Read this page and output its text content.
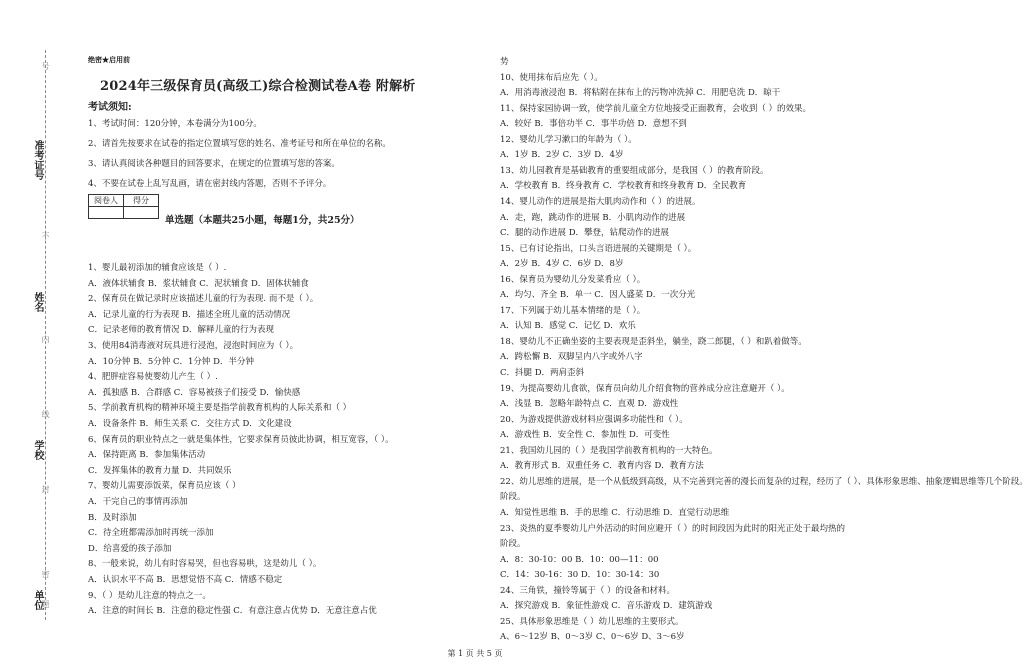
准考证号
姓名
学校
单位
号
不
内
线
封
密
题
绝密★启用前
2024年三级保育员(高级工)综合检测试卷A卷 附解析
考试须知:
1、考试时间：120分钟，本卷满分为100分。
2、请首先按要求在试卷的指定位置填写您的姓名、准考证号和所在单位的名称。
3、请认真阅读各种题目的回答要求，在规定的位置填写您的答案。
4、不要在试卷上乱写乱画，请在密封线内答题，否则不予评分。
阅卷人	得分

单选题（本题共25小题，每题1分，共25分）
1、婴儿最初添加的辅食应该是（ ）.
A．液体状辅食 B．浆状辅食 C．泥状辅食 D．固体状辅食
2、保育员在做记录时应该描述儿童的行为表现. 而不是（ ）。
A．记录儿童的行为表现 B．描述全班儿童的活动情况
C．记录老师的教育情况 D．解释儿童的行为表现
3、使用84消毒液对玩具进行浸泡，浸泡时间应为（ ）。
A．10分钟 B．5分钟 C．1分钟 D．半分钟
4、肥胖症容易使婴幼儿产生（ ）.
A．孤独感 B．合群感 C．容易被孩子们接受 D．愉快感
5、学前教育机构的精神环境主要是指学前教育机构的人际关系和（ ）
A．设备条件 B．师生关系 C．交往方式 D．文化建设
6、保育员的职业特点之一就是集体性，它要求保育员彼此协调，相互宽容，（ ）。
A．保持距离 B．参加集体活动
C．发挥集体的教育力量 D．共同娱乐
7、婴幼儿需要添饭菜，保育员应该（ ）
A．干完自己的事情再添加
B．及时添加
C．待全班都需添加时再统一添加
D．给喜爱的孩子添加
8、一般来说，幼儿有时容易哭，但也容易哄，这是幼儿（ ）。
A．认识水平不高 B．思想觉悟不高 C．情感不稳定
9、（ ）是幼儿注意的特点之一。
A．注意的时间长 B．注意的稳定性强 C．有意注意占优势 D．无意注意占优
势
10、使用抹布后应先（ ）。
A．用消毒液浸泡 B．将粘附在抹布上的污物冲洗掉 C．用肥皂洗 D．晾干
11、保持家园协调一致，使学前儿童全方位地接受正面教育，会收到（ ）的效果。
A．较好 B．事倍功半 C．事半功倍 D．意想不到
12、婴幼儿学习漱口的年龄为（ ）。
A．1岁 B．2岁 C．3岁 D．4岁
13、幼儿园教育是基础教育的重要组成部分，是我国（ ）的教育阶段。
A．学校教育 B．终身教育 C．学校教育和终身教育 D．全民教育
14、婴儿动作的进展是指大肌肉动作和（ ）的进展。
A．走，跑，跳动作的进展 B．小肌肉动作的进展
C．腿的动作进展 D．攀登，钻爬动作的进展
15、已有讨论指出，口头言语进展的关键期是（ ）。
A．2岁 B．4岁 C．6岁 D．8岁
16、保育员为婴幼儿分发菜肴应（ ）。
A．均匀、齐全 B．单一 C．因人盛菜 D．一次分光
17、下列属于幼儿基本情绪的是（ ）。
A．认知 B．感觉 C．记忆 D．欢乐
18、婴幼儿不正确坐姿的主要表现是歪斜坐，躺坐，跷二郎腿，（ ）和趴着做等。
A．跨松懈 B．双脚呈内八字或外八字
C．抖腿 D．两肩歪斜
19、为提高婴幼儿食欲，保育员向幼儿介绍食物的营养成分应注意避开（ ）。
A．浅显 B．忽略年龄特点 C．直观 D．游戏性
20、为游戏提供游戏材料应强调多功能性和（ ）。
A．游戏性 B．安全性 C．参加性 D．可变性
21、我国幼儿园的（ ）是我国学前教育机构的一大特色。
A．教育形式 B．双重任务 C．教育内容 D．教育方法
22、幼儿思维的进展，是一个从低级到高级，从不完善到完善的漫长而复杂的过程，经历了（ ）、具体形象思维、抽象逻辑思维等几个阶段。
阶段。
A．知觉性思维 B．手的思维 C．行动思维 D．直觉行动思维
23、炎热的夏季婴幼儿户外活动的时间应避开（ ）的时间段因为此时的阳光正处于最均热的
阶段。
A．8：30-10：00 B．10：00—11：00
C．14：30-16：30 D．10：30-14：30
24、三角铁，撞铃等属于（ ）的设备和材料。
A．探究游戏 B．象征性游戏 C．音乐游戏 D．建筑游戏
25、具体形象思维是（ ）幼儿思维的主要形式。
A、6～12岁 B、0～3岁 C、0～6岁 D、3～6岁
第 1 页 共 5 页
